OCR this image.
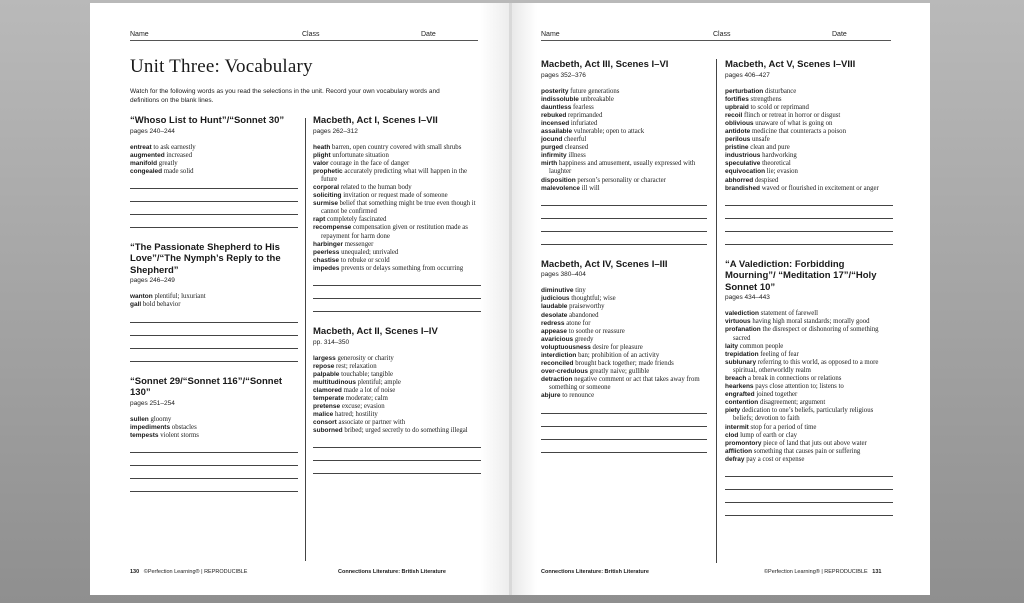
Name	Class	Date
Unit Three: Vocabulary
Watch for the following words as you read the selections in the unit. Record your own vocabulary words and definitions on the blank lines.
“Whoso List to Hunt”/“Sonnet 30”
pages 240–244
entreat to ask earnestly
augmented increased
manifold greatly
congealed made solid
“The Passionate Shepherd to His Love”/“The Nymph’s Reply to the Shepherd”
pages 246–249
wanton plentiful; luxuriant
gall bold behavior
“Sonnet 29/“Sonnet 116”/“Sonnet 130”
pages 251–254
sullen gloomy
impediments obstacles
tempests violent storms
Macbeth, Act I, Scenes I–VII
pages 262–312
heath barren, open country covered with small shrubs
plight unfortunate situation
valor courage in the face of danger
prophetic accurately predicting what will happen in the future
corporal related to the human body
soliciting invitation or request made of someone
surmise belief that something might be true even though it cannot be confirmed
rapt completely fascinated
recompense compensation given or restitution made as repayment for harm done
harbinger messenger
peerless unequaled; unrivaled
chastise to rebuke or scold
impedes prevents or delays something from occurring
Macbeth, Act II, Scenes I–IV
pp. 314–350
largess generosity or charity
repose rest; relaxation
palpable touchable; tangible
multitudinous plentiful; ample
clamored made a lot of noise
temperate moderate; calm
pretense excuse; evasion
malice hatred; hostility
consort associate or partner with
suborned bribed; urged secretly to do something illegal
130 ©Perfection Learning® | REPRODUCIBLE	Connections Literature: British Literature
Name	Class	Date
Macbeth, Act III, Scenes I–VI
pages 352–376
posterity future generations
indissoluble unbreakable
dauntless fearless
rebuked reprimanded
incensed infuriated
assailable vulnerable; open to attack
jocund cheerful
purged cleansed
infirmity illness
mirth happiness and amusement, usually expressed with laughter
disposition person’s personality or character
malevolence ill will
Macbeth, Act IV, Scenes I–III
pages 380–404
diminutive tiny
judicious thoughtful; wise
laudable praiseworthy
desolate abandoned
redress atone for
appease to soothe or reassure
avaricious greedy
voluptuousness desire for pleasure
interdiction ban; prohibition of an activity
reconciled brought back together; made friends
over-credulous greatly naive; gullible
detraction negative comment or act that takes away from something or someone
abjure to renounce
Macbeth, Act V, Scenes I–VIII
pages 406–427
perturbation disturbance
fortifies strengthens
upbraid to scold or reprimand
recoil flinch or retreat in horror or disgust
oblivious unaware of what is going on
antidote medicine that counteracts a poison
perilous unsafe
pristine clean and pure
industrious hardworking
speculative theoretical
equivocation lie; evasion
abhorred despised
brandished waved or flourished in excitement or anger
“A Valediction: Forbidding Mourning”/ “Meditation 17”/“Holy Sonnet 10”
pages 434–443
valediction statement of farewell
virtuous having high moral standards; morally good
profanation the disrespect or dishonoring of something sacred
laity common people
trepidation feeling of fear
sublunary referring to this world, as opposed to a more spiritual, otherworldly realm
breach a break in connections or relations
hearkens pays close attention to; listens to
engrafted joined together
contention disagreement; argument
piety dedication to one’s beliefs, particularly religious beliefs; devotion to faith
intermit stop for a period of time
clod lump of earth or clay
promontory piece of land that juts out above water
affliction something that causes pain or suffering
defray pay a cost or expense
Connections Literature: British Literature	©Perfection Learning® | REPRODUCIBLE 131
